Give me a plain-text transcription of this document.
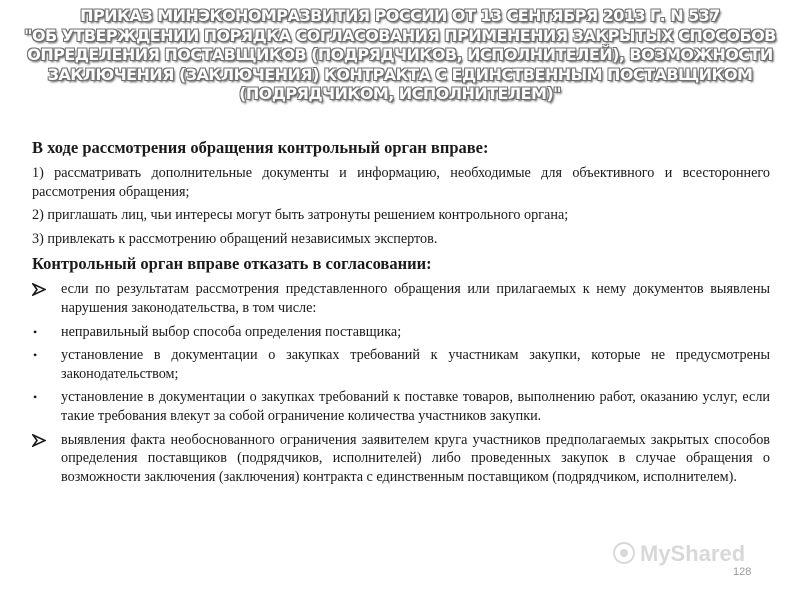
ПРИКАЗ МИНЭКОНОМРАЗВИТИЯ РОССИИ ОТ 13 СЕНТЯБРЯ 2013 Г. N 537
"ОБ УТВЕРЖДЕНИИ ПОРЯДКА СОГЛАСОВАНИЯ ПРИМЕНЕНИЯ ЗАКРЫТЫХ СПОСОБОВ
ОПРЕДЕЛЕНИЯ ПОСТАВЩИКОВ (ПОДРЯДЧИКОВ, ИСПОЛНИТЕЛЕЙ), ВОЗМОЖНОСТИ
ЗАКЛЮЧЕНИЯ (ЗАКЛЮЧЕНИЯ) КОНТРАКТА С ЕДИНСТВЕННЫМ ПОСТАВЩИКОМ
(ПОДРЯДЧИКОМ, ИСПОЛНИТЕЛЕМ)"
В ходе рассмотрения обращения контрольный орган вправе:
1) рассматривать дополнительные документы и информацию, необходимые для объективного и всестороннего рассмотрения обращения;
2) приглашать лиц, чьи интересы могут быть затронуты решением контрольного органа;
3) привлекать к рассмотрению обращений независимых экспертов.
Контрольный орган вправе отказать в согласовании:
если по результатам рассмотрения представленного обращения или прилагаемых к нему документов выявлены нарушения законодательства, в том числе:
•	неправильный выбор способа определения поставщика;
•	установление в документации о закупках требований к участникам закупки, которые не предусмотрены законодательством;
•	установление в документации о закупках требований к поставке товаров, выполнению работ, оказанию услуг, если такие требования влекут за собой ограничение количества участников закупки.
выявления факта необоснованного ограничения заявителем круга участников предполагаемых закрытых способов определения поставщиков (подрядчиков, исполнителей) либо проведенных закупок в случае обращения о возможности заключения (заключения) контракта с единственным поставщиком (подрядчиком, исполнителем).
MyShared
128
